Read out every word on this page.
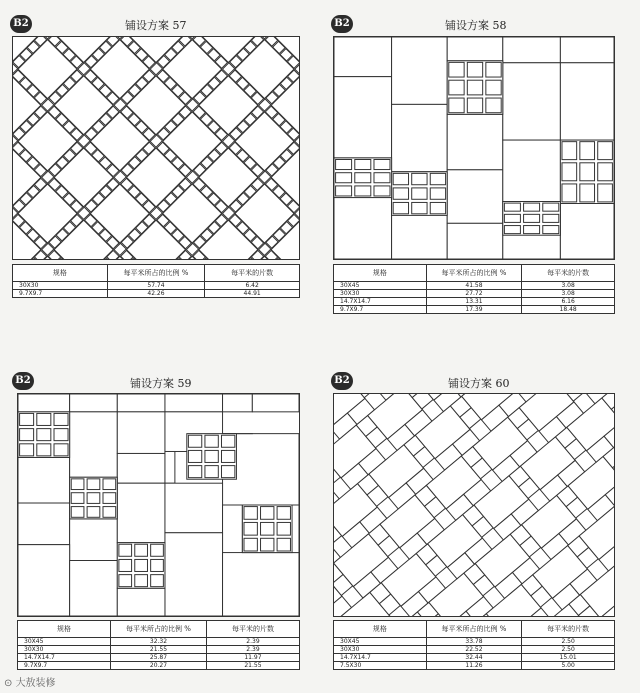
B2	铺设方案 57
规格	每平米所占的比例 %	每平米的片数
30X30	57.74	6.42
9.7X9.7	42.26	44.91
B2	铺设方案 58
规格	每平米所占的比例 %	每平米的片数
30X45	41.58	3.08
30X30	27.72	3.08
14.7X14.7	13.31	6.16
9.7X9.7	17.39	18.48
B2	铺设方案 59
规格	每平米所占的比例 %	每平米的片数
30X45	32.32	2.39
30X30	21.55	2.39
14.7X14.7	25.87	11.97
9.7X9.7	20.27	21.55
B2	铺设方案 60
规格	每平米所占的比例 %	每平米的片数
30X45	33.78	2.50
30X30	22.52	2.50
14.7X14.7	32.44	15.01
7.5X30	11.26	5.00
⊙ 大敖装修
